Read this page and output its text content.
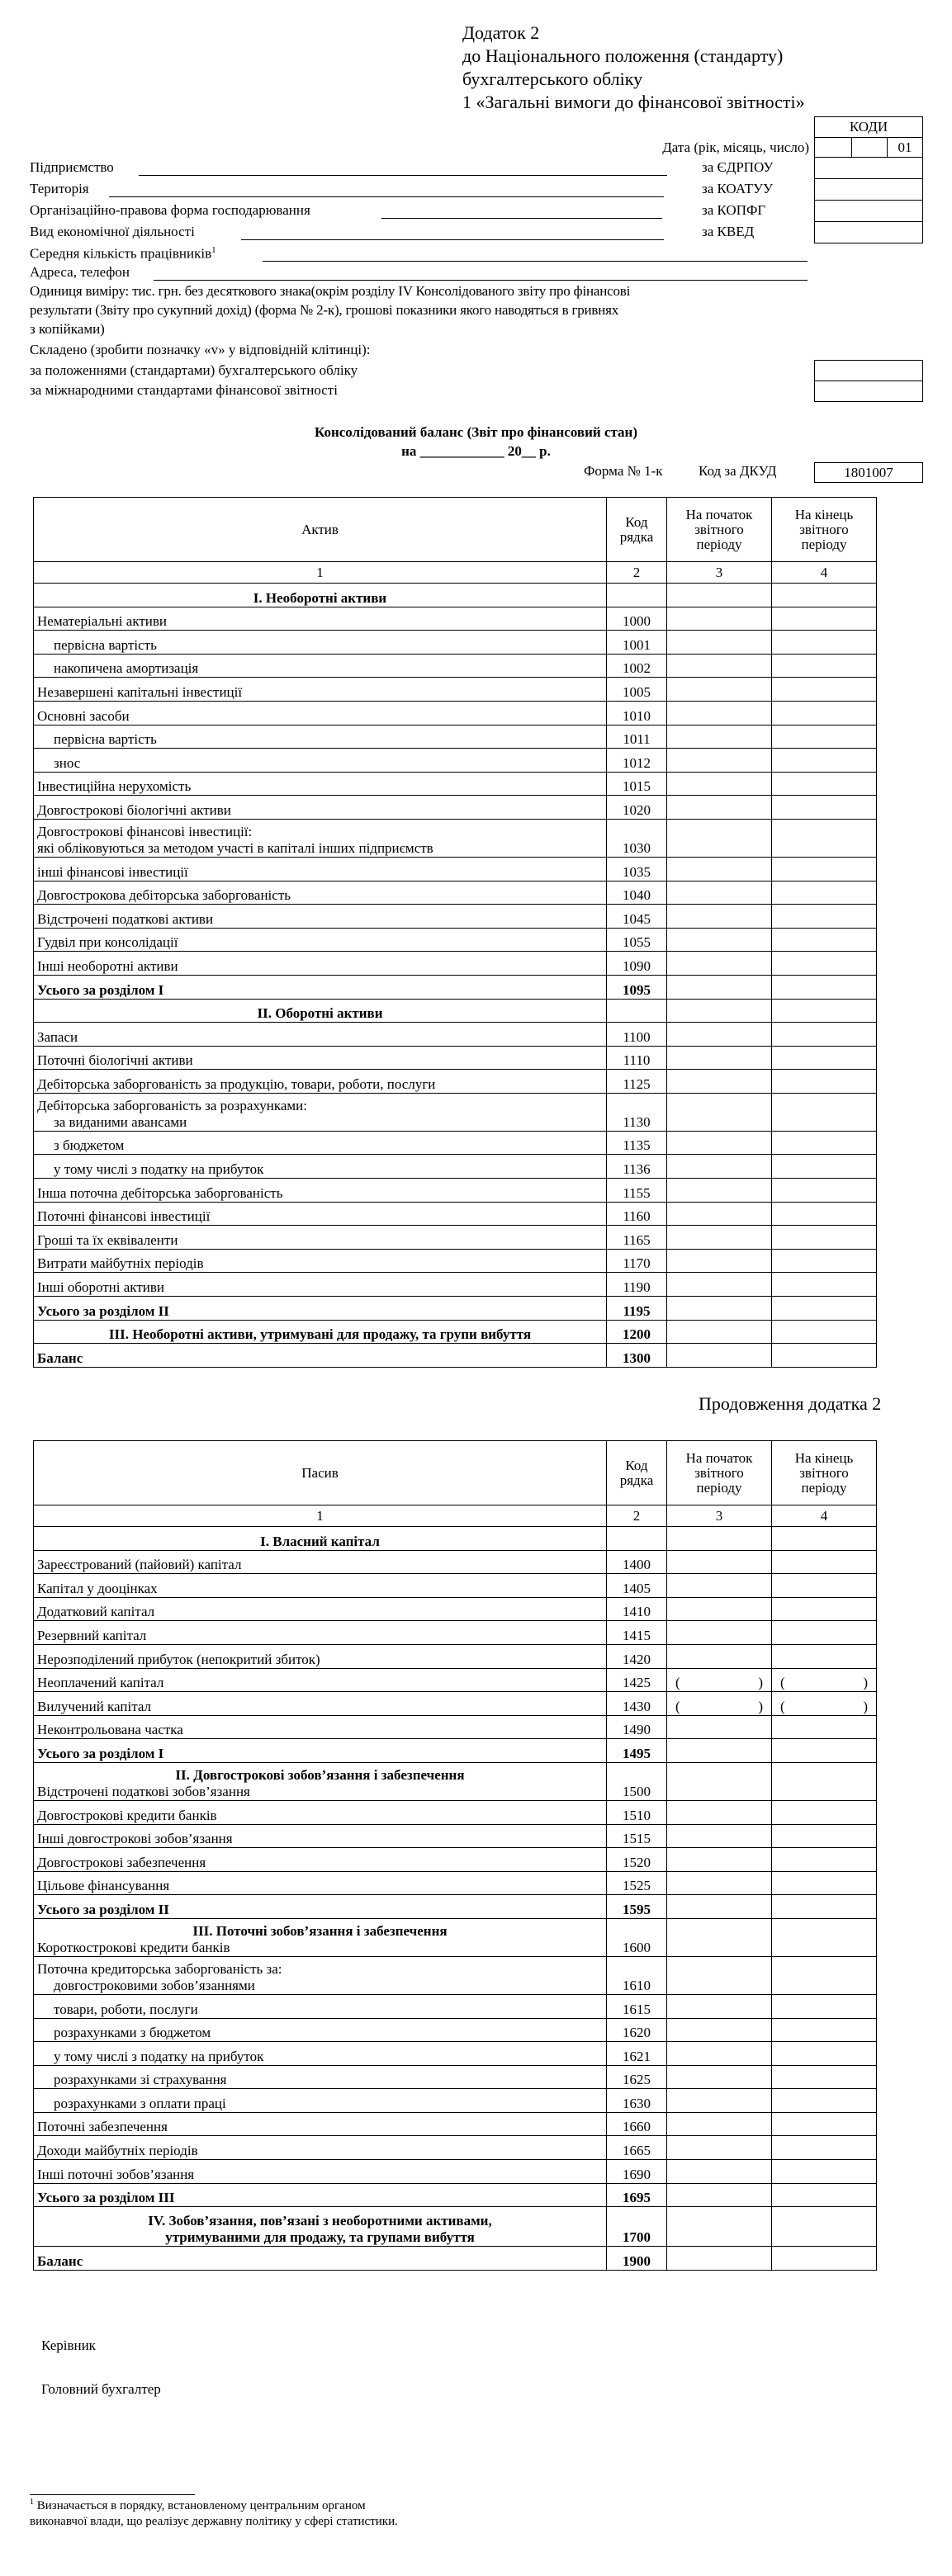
Додаток 2
до Національного положення (стандарту)
бухгалтерського обліку
1 «Загальні вимоги до фінансової звітності»
КОДИ
Дата (рік, місяць, число)	01
Підприємство	за ЄДРПОУ
Територія	за КОАТУУ
Організаційно-правова форма господарювання	за КОПФГ
Вид економічної діяльності	за КВЕД
Середня кількість працівників$^1$
Адреса, телефон
Одиниця виміру: тис. грн. без десяткового знака(окрім розділу IV Консолідованого звіту про фінансові
результати (Звіту про сукупний дохід) (форма № 2-к), грошові показники якого наводяться в гривнях
з копійками)
Складено (зробити позначку «v» у відповідній клітинці):
за положеннями (стандартами) бухгалтерського обліку
за міжнародними стандартами фінансової звітності
Консолідований баланс (Звіт про фінансовий стан)
на ____________ 20__ р.
Форма № 1-к	Код за ДКУД	1801007
Актив	Код рядка	На початок звітного періоду	На кінець звітного періоду
1	2	3	4
I. Необоротні активи			
Нематеріальні активи	1000		
первісна вартість	1001		
накопичена амортизація	1002		
Незавершені капітальні інвестиції	1005		
Основні засоби	1010		
первісна вартість	1011		
знос	1012		
Інвестиційна нерухомість	1015		
Довгострокові біологічні активи	1020		

Довгострокові фінансові інвестиції:
які обліковуються за методом участі в капіталі інших підприємств	1030		
інші фінансові інвестиції	1035		
Довгострокова дебіторська заборгованість	1040		
Відстрочені податкові активи	1045		
Гудвіл при консолідації	1055		
Інші необоротні активи	1090		
Усього за розділом I	1095		
II. Оборотні активи			
Запаси	1100		
Поточні біологічні активи	1110		
Дебіторська заборгованість за продукцію, товари, роботи, послуги	1125		

Дебіторська заборгованість за розрахунками:
за виданими авансами	1130		
з бюджетом	1135		
у тому числі з податку на прибуток	1136		
Інша поточна дебіторська заборгованість	1155		
Поточні фінансові інвестиції	1160		
Гроші та їх еквіваленти	1165		
Витрати майбутніх періодів	1170		
Інші оборотні активи	1190		
Усього за розділом II	1195		
III. Необоротні активи, утримувані для продажу, та групи вибуття	1200		
Баланс	1300		
Продовження додатка 2
Пасив	Код рядка	На початок звітного періоду	На кінець звітного періоду
1	2	3	4
I. Власний капітал			
Зареєстрований (пайовий) капітал	1400		
Капітал у дооцінках	1405		
Додатковий капітал	1410		
Резервний капітал	1415		
Нерозподілений прибуток (непокритий збиток)	1420		
Неоплачений капітал	1425	( )	( )

Вилучений капітал	1430	( )	( )

Неконтрольована частка	1490		
Усього за розділом I	1495		

II. Довгострокові зобов’язання і забезпечення
Відстрочені податкові зобов’язання	1500		
Довгострокові кредити банків	1510		
Інші довгострокові зобов’язання	1515		
Довгострокові забезпечення	1520		
Цільове фінансування	1525		
Усього за розділом II	1595		

III. Поточні зобов’язання і забезпечення
Короткострокові кредити банків	1600		

Поточна кредиторська заборгованість за:
довгостроковими зобов’язаннями	1610		
товари, роботи, послуги	1615		
розрахунками з бюджетом	1620		
у тому числі з податку на прибуток	1621		
розрахунками зі страхування	1625		
розрахунками з оплати праці	1630		
Поточні забезпечення	1660		
Доходи майбутніх періодів	1665		
Інші поточні зобов’язання	1690		
Усього за розділом III	1695		

IV. Зобов’язання, пов’язані з необоротними активами,
утримуваними для продажу, та групами вибуття	1700		
Баланс	1900		
Керівник
Головний бухгалтер
$^1$ Визначається в порядку, встановленому центральним органом
виконавчої влади, що реалізує державну політику у сфері статистики.
